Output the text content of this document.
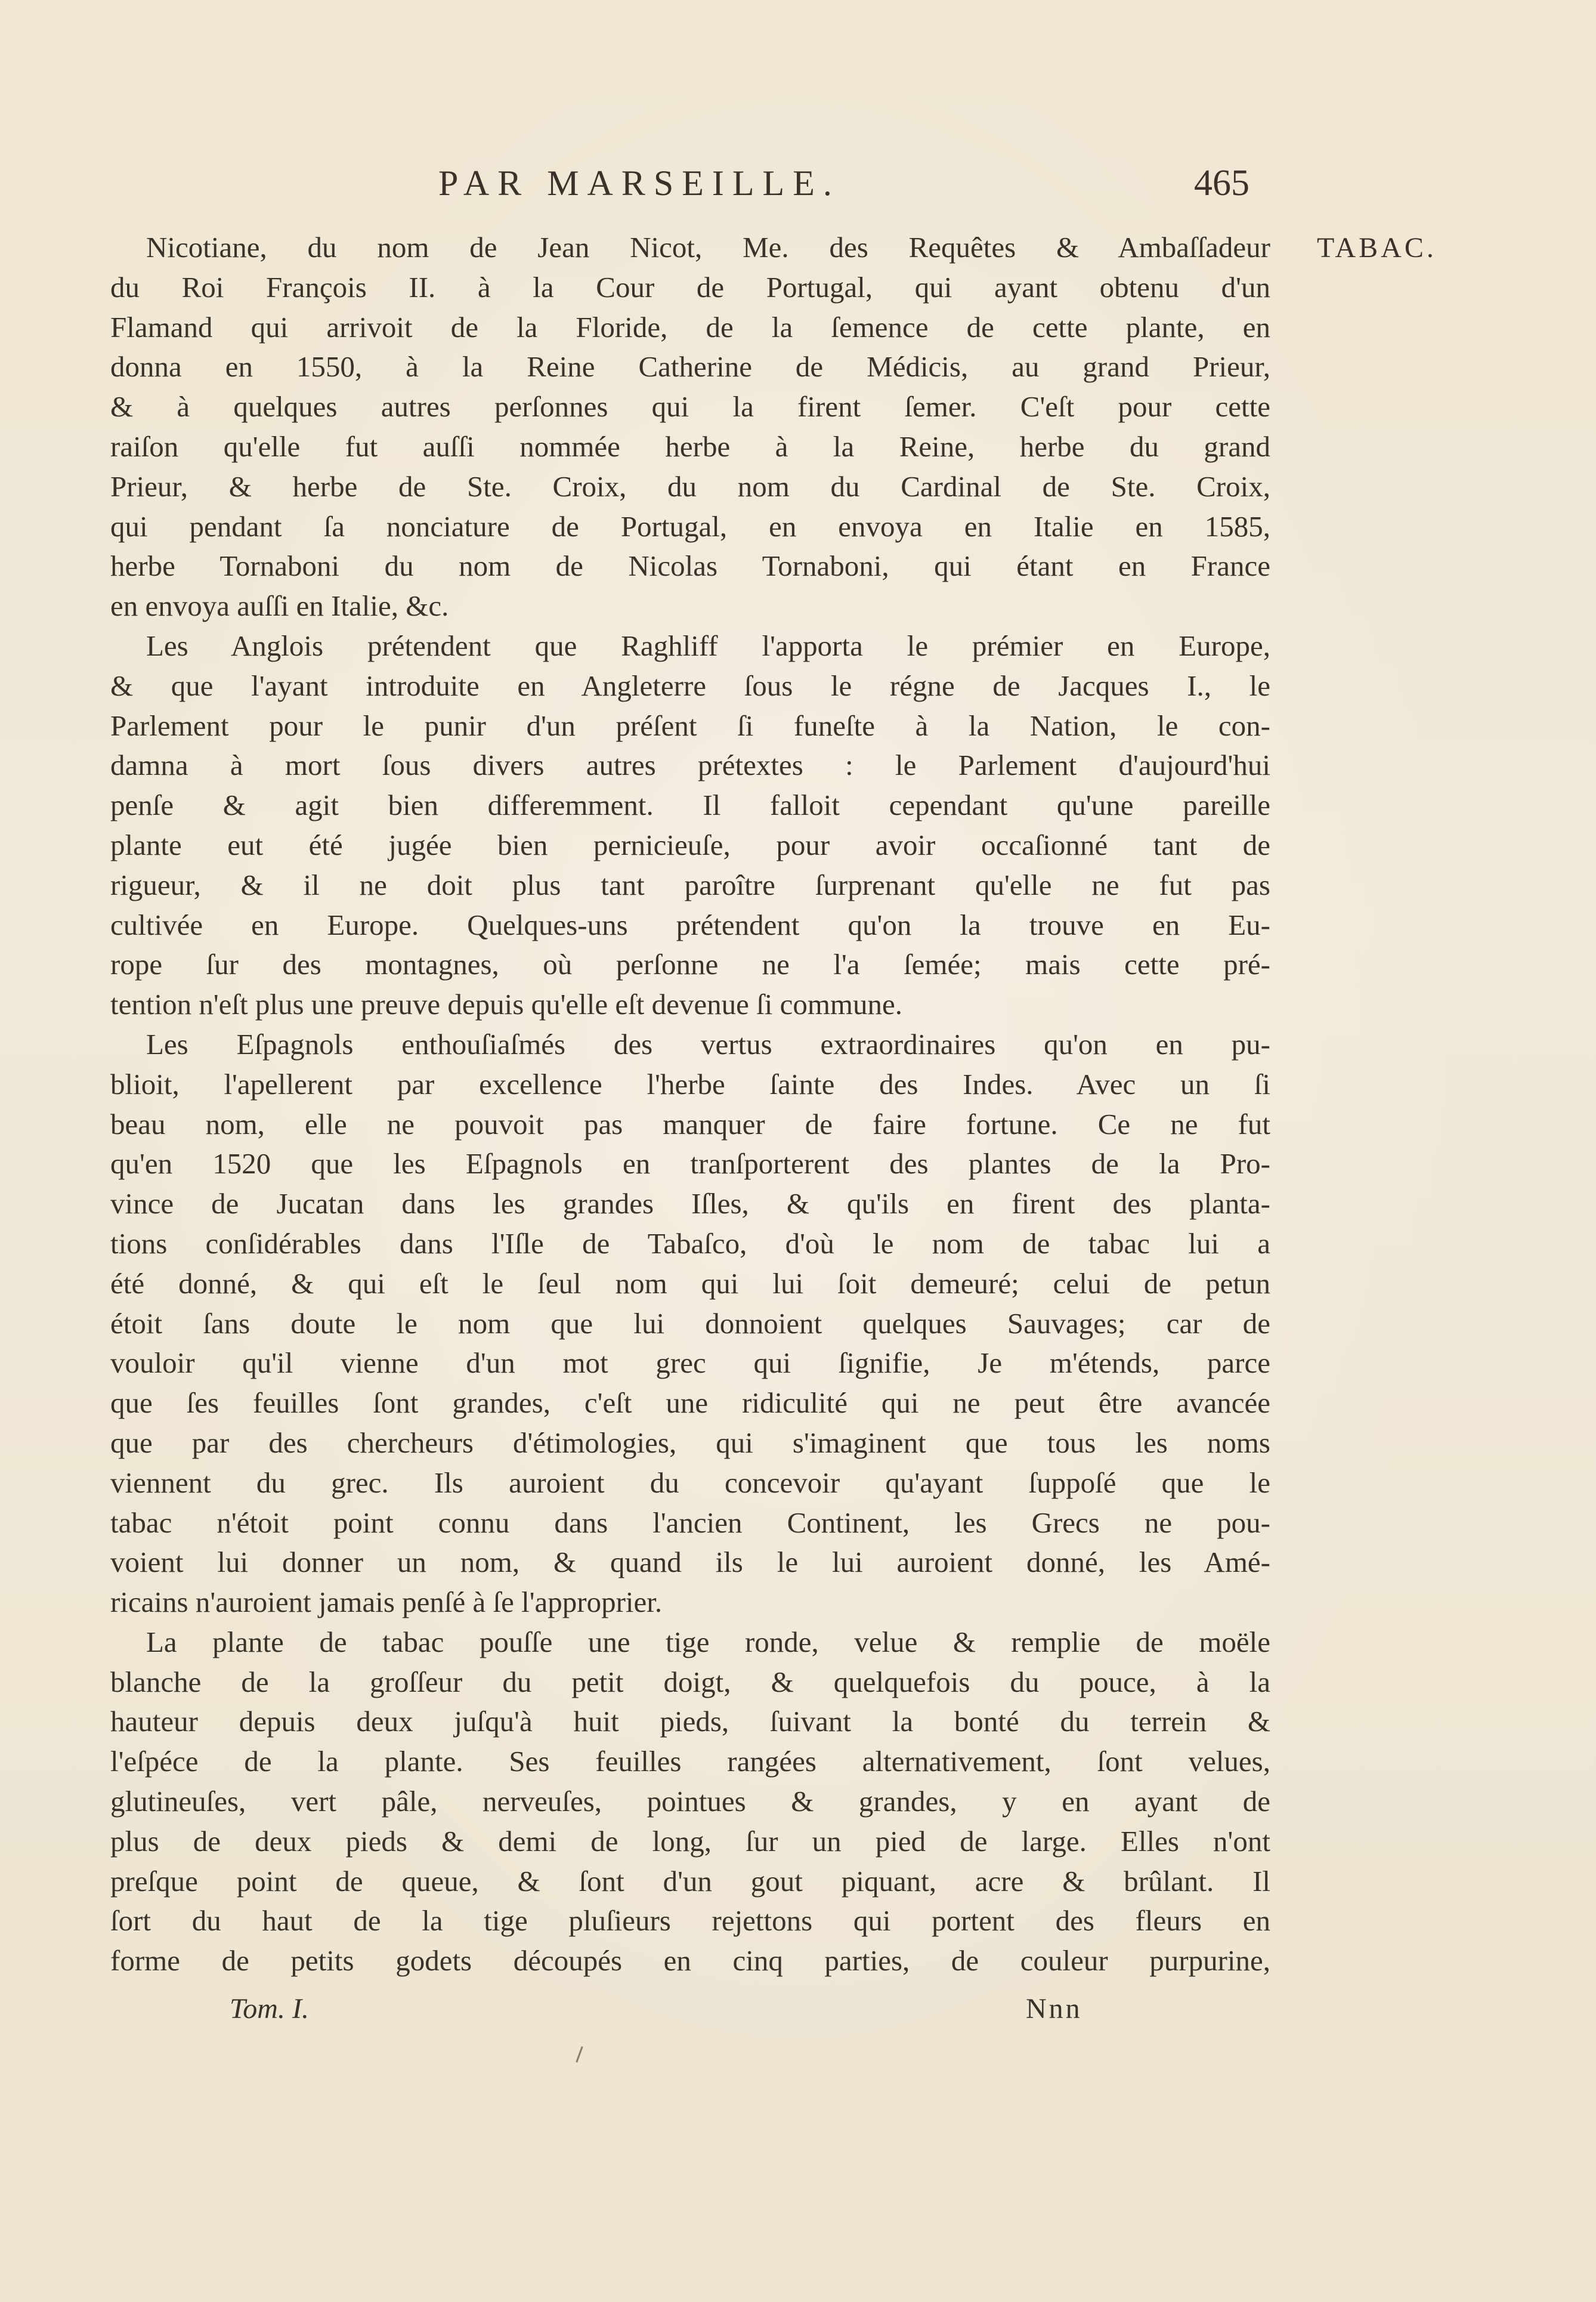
PAR MARSEILLE.	465
TABAC.
Nicotiane, du nom de Jean Nicot, Me. des Requêtes & Ambaſſadeur
du Roi François II. à la Cour de Portugal, qui ayant obtenu d'un
Flamand qui arrivoit de la Floride, de la ſemence de cette plante, en
donna en 1550, à la Reine Catherine de Médicis, au grand Prieur,
& à quelques autres perſonnes qui la firent ſemer. C'eſt pour cette
raiſon qu'elle fut auſſi nommée herbe à la Reine, herbe du grand
Prieur, & herbe de Ste. Croix, du nom du Cardinal de Ste. Croix,
qui pendant ſa nonciature de Portugal, en envoya en Italie en 1585,
herbe Tornaboni du nom de Nicolas Tornaboni, qui étant en France
en envoya auſſi en Italie, &c.
Les Anglois prétendent que Raghliff l'apporta le prémier en Europe,
& que l'ayant introduite en Angleterre ſous le régne de Jacques I., le
Parlement pour le punir d'un préſent ſi funeſte à la Nation, le con-
damna à mort ſous divers autres prétextes : le Parlement d'aujourd'hui
penſe & agit bien differemment. Il falloit cependant qu'une pareille
plante eut été jugée bien pernicieuſe, pour avoir occaſionné tant de
rigueur, & il ne doit plus tant paroître ſurprenant qu'elle ne fut pas
cultivée en Europe. Quelques-uns prétendent qu'on la trouve en Eu-
rope ſur des montagnes, où perſonne ne l'a ſemée; mais cette pré-
tention n'eſt plus une preuve depuis qu'elle eſt devenue ſi commune.
Les Eſpagnols enthouſiaſmés des vertus extraordinaires qu'on en pu-
blioit, l'apellerent par excellence l'herbe ſainte des Indes. Avec un ſi
beau nom, elle ne pouvoit pas manquer de faire fortune. Ce ne fut
qu'en 1520 que les Eſpagnols en tranſporterent des plantes de la Pro-
vince de Jucatan dans les grandes Iſles, & qu'ils en firent des planta-
tions conſidérables dans l'Iſle de Tabaſco, d'où le nom de tabac lui a
été donné, & qui eſt le ſeul nom qui lui ſoit demeuré; celui de petun
étoit ſans doute le nom que lui donnoient quelques Sauvages; car de
vouloir qu'il vienne d'un mot grec qui ſignifie, Je m'étends, parce
que ſes feuilles ſont grandes, c'eſt une ridiculité qui ne peut être avancée
que par des chercheurs d'étimologies, qui s'imaginent que tous les noms
viennent du grec. Ils auroient du concevoir qu'ayant ſuppoſé que le
tabac n'étoit point connu dans l'ancien Continent, les Grecs ne pou-
voient lui donner un nom, & quand ils le lui auroient donné, les Amé-
ricains n'auroient jamais penſé à ſe l'approprier.
La plante de tabac pouſſe une tige ronde, velue & remplie de moële
blanche de la groſſeur du petit doigt, & quelquefois du pouce, à la
hauteur depuis deux juſqu'à huit pieds, ſuivant la bonté du terrein &
l'eſpéce de la plante. Ses feuilles rangées alternativement, ſont velues,
glutineuſes, vert pâle, nerveuſes, pointues & grandes, y en ayant de
plus de deux pieds & demi de long, ſur un pied de large. Elles n'ont
preſque point de queue, & ſont d'un gout piquant, acre & brûlant. Il
ſort du haut de la tige pluſieurs rejettons qui portent des fleurs en
forme de petits godets découpés en cinq parties, de couleur purpurine,
Tom. I.	Nnn
